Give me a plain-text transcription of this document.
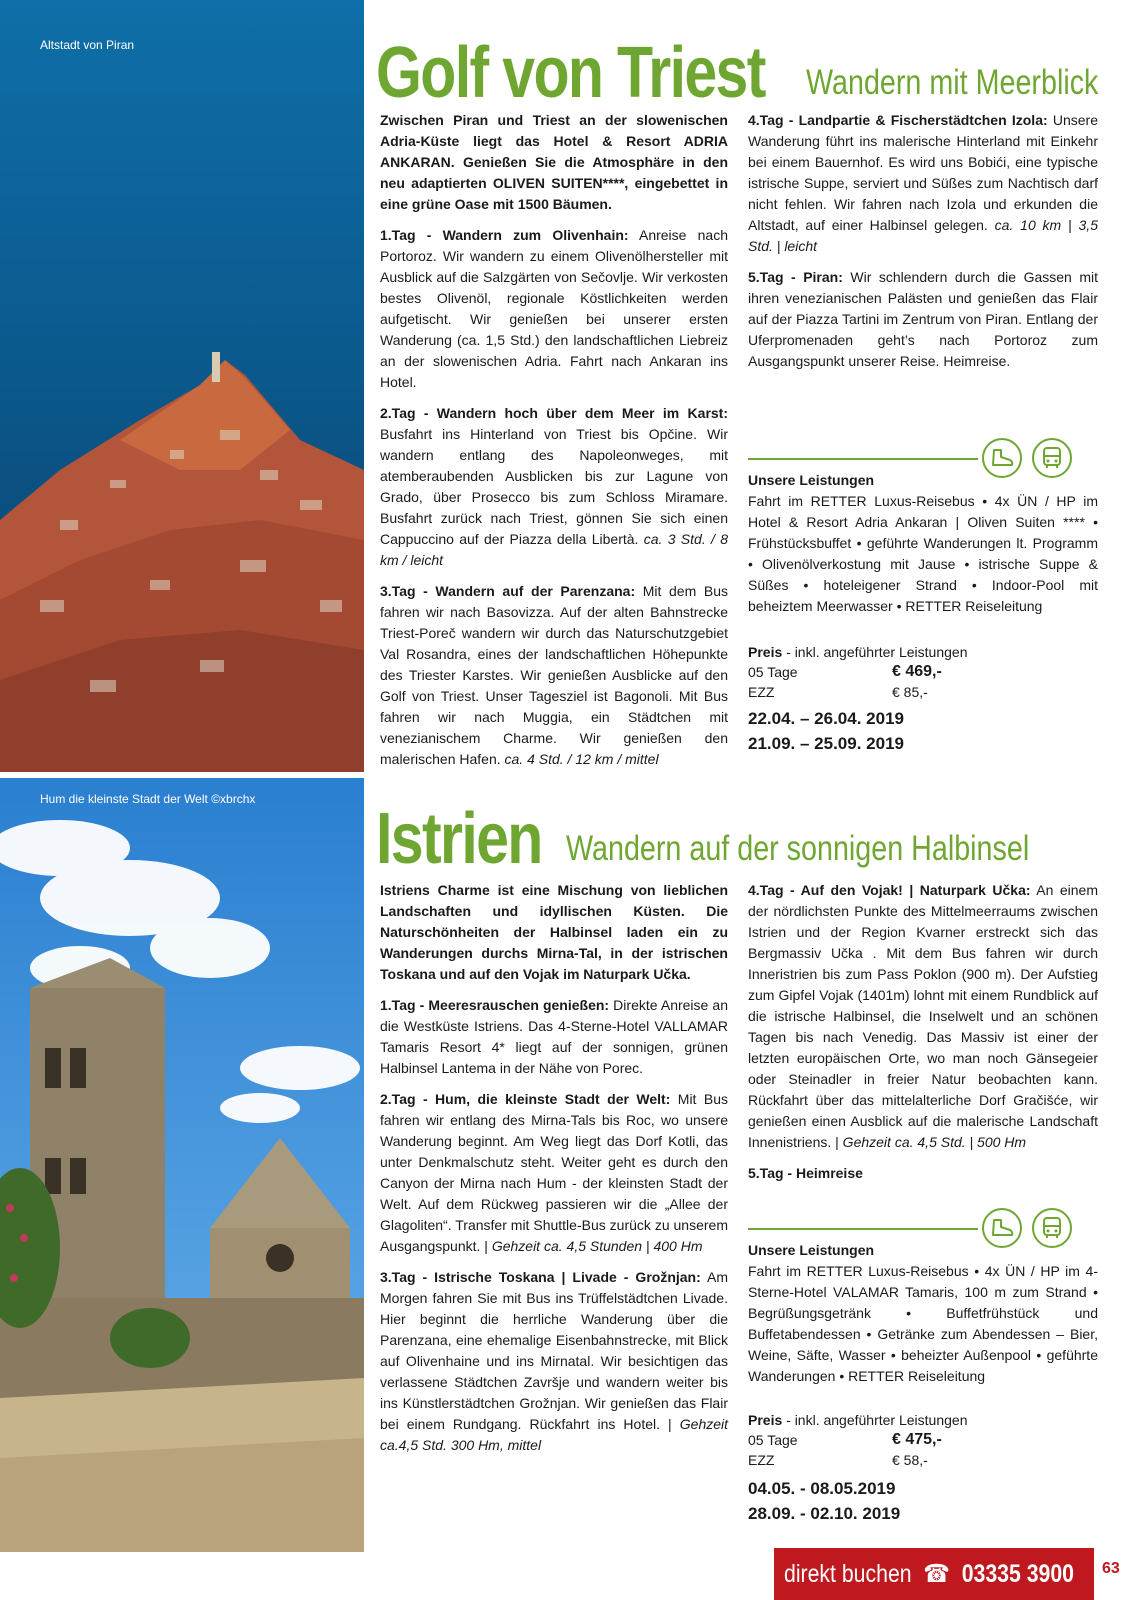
Altstadt von Piran	Golf von Triest	Wandern mit Meerblick

Zwischen Piran und Triest an der slowenischen Adria-Küste liegt das Hotel & Resort ADRIA ANKARAN. Genießen Sie die Atmosphäre in den neu adaptierten OLIVEN SUITEN****, eingebettet in eine grüne Oase mit 1500 Bäumen.

1.Tag - Wandern zum Olivenhain: Anreise nach Portoroz. Wir wandern zu einem Olivenölhersteller mit Ausblick auf die Salzgärten von Sečovlje. Wir verkosten bestes Olivenöl, regionale Köstlichkeiten werden aufgetischt. Wir genießen bei unserer ersten Wanderung (ca. 1,5 Std.) den landschaftlichen Liebreiz an der slowenischen Adria. Fahrt nach Ankaran ins Hotel.

2.Tag - Wandern hoch über dem Meer im Karst: Busfahrt ins Hinterland von Triest bis Opčine. Wir wandern entlang des Napoleonweges, mit atemberaubenden Ausblicken bis zur Lagune von Grado, über Prosecco bis zum Schloss Miramare. Busfahrt zurück nach Triest, gönnen Sie sich einen Cappuccino auf der Piazza della Libertà. ca. 3 Std. / 8 km / leicht

3.Tag - Wandern auf der Parenzana: Mit dem Bus fahren wir nach Basovizza. Auf der alten Bahnstrecke Triest-Poreč wandern wir durch das Naturschutzgebiet Val Rosandra, eines der landschaftlichen Höhepunkte des Triester Karstes. Wir genießen Ausblicke auf den Golf von Triest. Unser Tagesziel ist Bagonoli. Mit Bus fahren wir nach Muggia, ein Städtchen mit venezianischem Charme. Wir genießen den malerischen Hafen. ca. 4 Std. / 12 km / mittel

4.Tag - Landpartie & Fischerstädtchen Izola: Unsere Wanderung führt ins malerische Hinterland mit Einkehr bei einem Bauernhof. Es wird uns Bobići, eine typische istrische Suppe, serviert und Süßes zum Nachtisch darf nicht fehlen. Wir fahren nach Izola und erkunden die Altstadt, auf einer Halbinsel gelegen. ca. 10 km | 3,5 Std. | leicht

5.Tag - Piran: Wir schlendern durch die Gassen mit ihren venezianischen Palästen und genießen das Flair auf der Piazza Tartini im Zentrum von Piran. Entlang der Uferpromenaden geht’s nach Portoroz zum Ausgangspunkt unserer Reise. Heimreise.

Unsere Leistungen

Fahrt im RETTER Luxus-Reisebus • 4x ÜN / HP im Hotel & Resort Adria Ankaran | Oliven Suiten **** • Frühstücksbuffet • geführte Wanderungen lt. Programm • Olivenölverkostung mit Jause • istrische Suppe & Süßes • hoteleigener Strand • Indoor-Pool mit beheiztem Meerwasser • RETTER Reiseleitung

Preis - inkl. angeführter Leistungen
05 Tage	€ 469,-
EZZ	€ 85,-
22.04. – 26.04. 2019
21.09. – 25.09. 2019
Hum die kleinste Stadt der Welt ©xbrchx Istrien Wandern auf der sonnigen Halbinsel

Istriens Charme ist eine Mischung von lieblichen Landschaften und idyllischen Küsten. Die Naturschönheiten der Halbinsel laden ein zu Wanderungen durchs Mirna-Tal, in der istrischen Toskana und auf den Vojak im Naturpark Učka.

1.Tag - Meeresrauschen genießen: Direkte Anreise an die Westküste Istriens. Das 4-Sterne-Hotel VALLAMAR Tamaris Resort 4* liegt auf der sonnigen, grünen Halbinsel Lantema in der Nähe von Porec.

2.Tag - Hum, die kleinste Stadt der Welt: Mit Bus fahren wir entlang des Mirna-Tals bis Roc, wo unsere Wanderung beginnt. Am Weg liegt das Dorf Kotli, das unter Denkmalschutz steht. Weiter geht es durch den Canyon der Mirna nach Hum - der kleinsten Stadt der Welt. Auf dem Rückweg passieren wir die „Allee der Glagoliten“. Transfer mit Shuttle-Bus zurück zu unserem Ausgangspunkt. | Gehzeit ca. 4,5 Stunden | 400 Hm

3.Tag - Istrische Toskana | Livade - Grožnjan: Am Morgen fahren Sie mit Bus ins Trüffelstädtchen Livade. Hier beginnt die herrliche Wanderung über die Parenzana, eine ehemalige Eisenbahnstrecke, mit Blick auf Olivenhaine und ins Mirnatal. Wir besichtigen das verlassene Städtchen Završje und wandern weiter bis ins Künstlerstädtchen Grožnjan. Wir genießen das Flair bei einem Rundgang. Rückfahrt ins Hotel. | Gehzeit ca.4,5 Std. 300 Hm, mittel

4.Tag - Auf den Vojak! | Naturpark Učka: An einem der nördlichsten Punkte des Mittelmeerraums zwischen Istrien und der Region Kvarner erstreckt sich das Bergmassiv Učka . Mit dem Bus fahren wir durch Inneristrien bis zum Pass Poklon (900 m). Der Aufstieg zum Gipfel Vojak (1401m) lohnt mit einem Rundblick auf die istrische Halbinsel, die Inselwelt und an schönen Tagen bis nach Venedig. Das Massiv ist einer der letzten europäischen Orte, wo man noch Gänsegeier oder Steinadler in freier Natur beobachten kann. Rückfahrt über das mittelalterliche Dorf Gračišće, wir genießen einen Ausblick auf die malerische Landschaft Innenistriens. | Gehzeit ca. 4,5 Std. | 500 Hm

5.Tag - Heimreise

Unsere Leistungen

Fahrt im RETTER Luxus-Reisebus • 4x ÜN / HP im 4-Sterne-Hotel VALAMAR Tamaris, 100 m zum Strand • Begrüßungsgetränk • Buffetfrühstück und Buffetabendessen • Getränke zum Abendessen – Bier, Weine, Säfte, Wasser • beheizter Außenpool • geführte Wanderungen • RETTER Reiseleitung

Preis - inkl. angeführter Leistungen
05 Tage	€ 475,-
EZZ	€ 58,-
04.05. - 08.05.2019
28.09. - 02.10. 2019
direkt buchen  ☎  03335 3900 63
